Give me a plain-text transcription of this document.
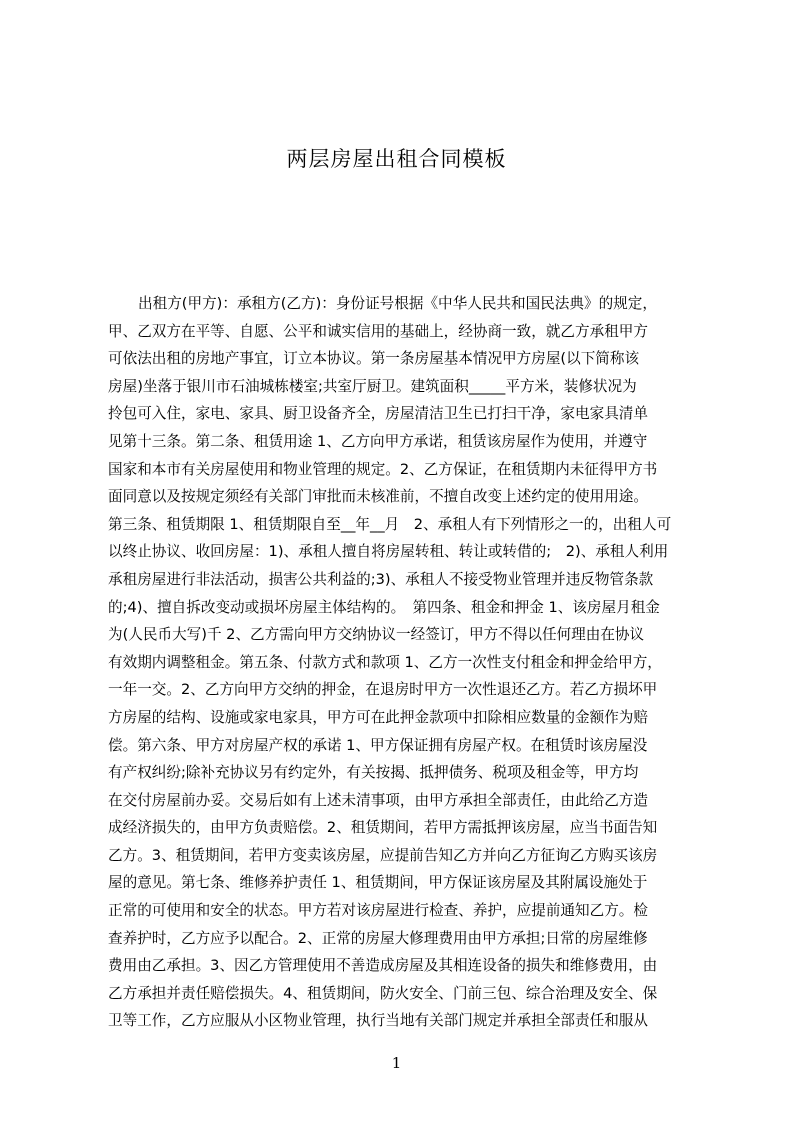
两层房屋出租合同模板
出租方(甲方)：承租方(乙方)：身份证号根据《中华人民共和国民法典》的规定，
甲、乙双方在平等、自愿、公平和诚实信用的基础上，经协商一致，就乙方承租甲方
可依法出租的房地产事宜，订立本协议。第一条房屋基本情况甲方房屋(以下简称该
房屋)坐落于银川市石油城栋楼室;共室厅厨卫。建筑面积_____平方米，装修状况为
拎包可入住，家电、家具、厨卫设备齐全，房屋清洁卫生已打扫干净，家电家具清单
见第十三条。第二条、租赁用途 1、乙方向甲方承诺，租赁该房屋作为使用，并遵守
国家和本市有关房屋使用和物业管理的规定。2、乙方保证，在租赁期内未征得甲方书
面同意以及按规定须经有关部门审批而未核准前，不擅自改变上述约定的使用用途。
第三条、租赁期限 1、租赁期限自至__年__月　2、承租人有下列情形之一的，出租人可
以终止协议、收回房屋：1)、承租人擅自将房屋转租、转让或转借的;　2)、承租人利用
承租房屋进行非法活动，损害公共利益的;3)、承租人不接受物业管理并违反物管条款
的;4)、擅自拆改变动或损坏房屋主体结构的。　第四条、租金和押金 1、该房屋月租金
为(人民币大写)千 2、乙方需向甲方交纳协议一经签订，甲方不得以任何理由在协议
有效期内调整租金。第五条、付款方式和款项 1、乙方一次性支付租金和押金给甲方，
一年一交。2、乙方向甲方交纳的押金，在退房时甲方一次性退还乙方。若乙方损坏甲
方房屋的结构、设施或家电家具，甲方可在此押金款项中扣除相应数量的金额作为赔
偿。第六条、甲方对房屋产权的承诺 1、甲方保证拥有房屋产权。在租赁时该房屋没
有产权纠纷;除补充协议另有约定外，有关按揭、抵押债务、税项及租金等，甲方均
在交付房屋前办妥。交易后如有上述未清事项，由甲方承担全部责任，由此给乙方造
成经济损失的，由甲方负责赔偿。2、租赁期间，若甲方需抵押该房屋，应当书面告知
乙方。3、租赁期间，若甲方变卖该房屋，应提前告知乙方并向乙方征询乙方购买该房
屋的意见。第七条、维修养护责任 1、租赁期间，甲方保证该房屋及其附属设施处于
正常的可使用和安全的状态。甲方若对该房屋进行检查、养护，应提前通知乙方。检
查养护时，乙方应予以配合。2、正常的房屋大修理费用由甲方承担;日常的房屋维修
费用由乙承担。3、因乙方管理使用不善造成房屋及其相连设备的损失和维修费用，由
乙方承担并责任赔偿损失。4、租赁期间，防火安全、门前三包、综合治理及安全、保
卫等工作，乙方应服从小区物业管理，执行当地有关部门规定并承担全部责任和服从
1
